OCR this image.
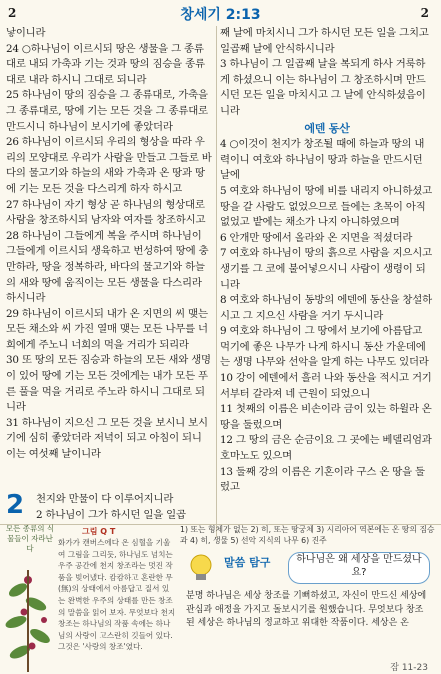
2	창세기 2:13	2

낳이니라

24 ○하나님이 이르시되 땅은 생물을 그 종류대로 내되 가축과 기는 것과 땅의 짐승을 종류대로 내라 하시니 그대로 되니라

25 하나님이 땅의 짐승을 그 종류대로, 가축을 그 종류대로, 땅에 기는 모든 것을 그 종류대로 만드시니 하나님이 보시기에 좋았더라

26 하나님이 이르시되 우리의 형상을 따라 우리의 모양대로 우리가 사람을 만들고 그들로 바다의 물고기와 하늘의 새와 가축과 온 땅과 땅에 기는 모든 것을 다스리게 하자 하시고

27 하나님이 자기 형상 곧 하나님의 형상대로 사람을 창조하시되 남자와 여자를 창조하시고

28 하나님이 그들에게 복을 주시며 하나님이 그들에게 이르시되 생육하고 번성하여 땅에 충만하라, 땅을 정복하라, 바다의 물고기와 하늘의 새와 땅에 움직이는 모든 생물을 다스리라 하시니라

29 하나님이 이르시되 내가 온 지면의 씨 맺는 모든 채소와 씨 가진 열매 맺는 모든 나무를 너희에게 주노니 너희의 먹을 거리가 되리라

30 또 땅의 모든 짐승과 하늘의 모든 새와 생명이 있어 땅에 기는 모든 것에게는 내가 모든 푸른 풀을 먹을 거리로 주노라 하시니 그대로 되니라

31 하나님이 지으신 그 모든 것을 보시니 보시기에 심히 좋았더라 저녁이 되고 아침이 되니 이는 여섯째 날이니라

2 천지와 만물이 다 이루어지니라

2 하나님이 그가 하시던 일을 일곱

째 날에 마치시니 그가 하시던 모든 일을 그치고 일곱째 날에 안식하시니라

3 하나님이 그 일곱째 날을 복되게 하사 거룩하게 하셨으니 이는 하나님이 그 창조하시며 만드시던 모든 일을 마치시고 그 날에 안식하셨음이니라

에덴 동산

4 ○이것이 천지가 창조될 때에 하늘과 땅의 내력이니 여호와 하나님이 땅과 하늘을 만드시던 날에

5 여호와 하나님이 땅에 비를 내리지 아니하셨고 땅을 갈 사람도 없었으므로 들에는 초목이 아직 없었고 밭에는 채소가 나지 아니하였으며

6 안개만 땅에서 올라와 온 지면을 적셨더라

7 여호와 하나님이 땅의 흙으로 사람을 지으시고 생기를 그 코에 불어넣으시니 사람이 생령이 되니라

8 여호와 하나님이 동방의 에덴에 동산을 창설하시고 그 지으신 사람을 거기 두시니라

9 여호와 하나님이 그 땅에서 보기에 아름답고 먹기에 좋은 나무가 나게 하시니 동산 가운데에는 생명 나무와 선악을 알게 하는 나무도 있더라

10 강이 에덴에서 흘러 나와 동산을 적시고 거기서부터 갈라져 네 근원이 되었으니

11 첫째의 이름은 비손이라 금이 있는 하윌라 온 땅을 둘렀으며

12 그 땅의 금은 순금이요 그 곳에는 베델리엄과 호마노도 있으며

13 둘째 강의 이름은 기혼이라 구스 온 땅을 둘렀고

모든 종류의 식물들이 자라난다
그림 Q T
화가가 캔버스에다 온 심혈을 기울여 그림을 그리듯, 하나님도 넘치는 우주 공간에 천지 창조라는 멋진 작품을 빚어냈다. 캄캄하고 혼란한 무(無)의 상태에서 아름답고 질서 있는 완벽한 우주의 상태를 만든 창조의 말씀을 읽어 보자. 무엇보다 천지 창조는 하나님의 작품 속에는 하나님의 사랑이 고스란히 깃들어 있다. 그것은 '사랑의 창조'였다.
1) 또는 형체가 없는 2) 히, 또는 땅궁체 3) 시리아어 역본에는 온 땅의 짐승과 4) 히, 생물 5) 선악 지식의 나무 6) 진주
말씀 탐구	하나님은 왜 세상을 만드셨나요?
분명 하나님은 세상 창조를 기뻐하셨고, 자신이 만드신 세상에 관심과 애정을 가지고 돌보시기를 원했습니다. 무엇보다 창조된 세상은 하나님의 정교하고 위대한 작품이다. 세상은 온
잠 11-23
